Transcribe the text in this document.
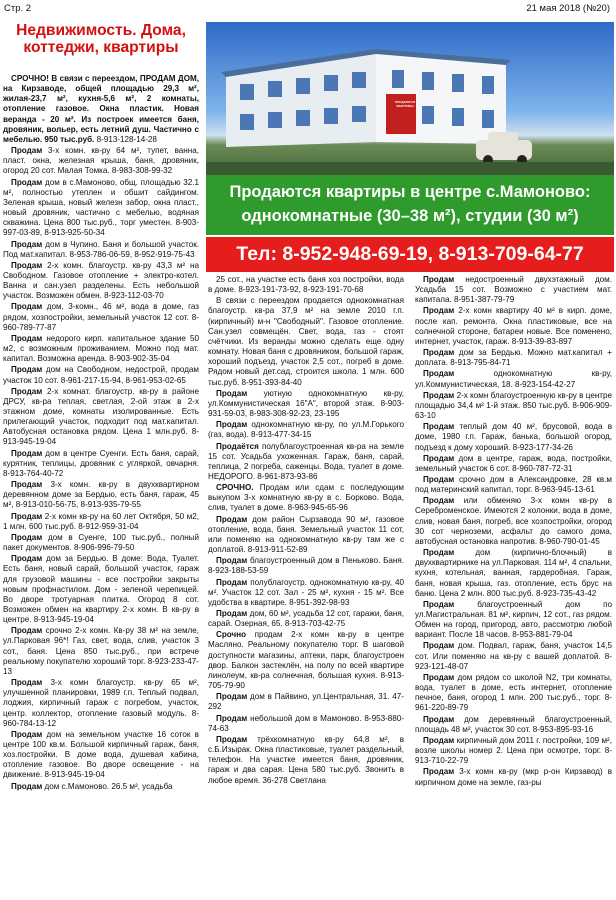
Стр. 2	21 мая 2018 (№20)
Недвижимость. Дома, коттеджи, квартиры
ПРОДАЮТСЯ КВАРТИРЫ
Продаются квартиры в центре с.Мамоново:
однокомнатные (30–38 м²), студии (30 м²)
Тел: 8-952-948-69-19, 8-913-709-64-77

СРОЧНО! В связи с переездом, ПРОДАМ ДОМ, на Кирзаводе, общей площадью 29,3 м², жилая-23,7 м², кухня-5,6 м², 2 комнаты, отопление газовое. Окна пластик. Новая веранда - 20 м². Из построек имеется баня, дровяник, вольер, есть летний душ. Частично с мебелью. 950 тыс.руб. 8-913-128-14-28

Продам 3-х комн. кв-ру 64 м², тупет, ванна, пласт. окна, железная крыша, баня, дровяник, огород 20 сот. Малая Томка. 8-983-308-99-32

Продам дом в с.Мамоново, общ. площадью 32.1 м², полностью утеплен и обшит сайдингом. Зеленая крыша, новый железн забор, окна пласт., новый дровяник, частично с мебелью, водяная скважина. Цена 800 тыс.руб., торг уместен. 8-903-997-03-89, 8-913-925-50-34

Продам дом в Чупино. Баня и большой участок. Под мат.капитал. 8-953-786-06-59, 8-952-919-75-43

Продам 2-х комн. благоустр. кв-ру 43,3 м² на Свободном. Газовое отопление + электро-котел. Ванна и сан.узел разделены. Есть небольшой участок. Возможен обмен. 8-923-112-03-70

Продам дом, 3-комн., 46 м², вода в доме, газ рядом, хозпостройки, земельный участок 12 сот. 8-960-789-77-87

Продам недорого кирп. капитальное здание 50 м2, с возможным проживанием. Можно под мат. капитал. Возможна аренда. 8-903-902-35-04

Продам дом на Свободном, недострой, продам участок 10 сот. 8-961-217-15-94, 8-961-953-02-65

Продам 2-х комнат. благоустр. кв-ру в районе ДРСУ, кв-ра теплая, светлая, 2-ой этаж в 2-х этажном доме, комнаты изолированные. Есть прилегающий участок, подходит под мат.капитал. Автобусная остановка рядом. Цена 1 млн.руб. 8-913-945-19-04

Продам дом в центре Суенги. Есть баня, сарай, курятник, теплицы, дровяник с угляркой, овчарня. 8-913-764-40-72

Продам 3-х комн. кв-ру в двухквартирном деревянном доме за Бердью, есть баня, гараж, 45 м², 8-913-010-56-75, 8-913-935-79-55

Продам 2-х комн кв-ру на 60 лет Октября, 50 м2, 1 млн. 600 тыс.руб. 8-912-959-31-04

Продам дом в Суенге, 100 тыс.руб., полный пакет документов. 8-906-996-79-50

Продам дом за Бердью. В доме: Вода, Туалет. Есть баня, новый сарай, большой участок, гараж для грузовой машины - все постройки закрыты новым профнастилом. Дом - зеленой черепицей. Во дворе тротуарная плитка. Огород 8 сот. Возможен обмен на квартиру 2-х комн. В кв-ру в центре. 8-913-945-19-04

Продам срочно 2-х комн. Кв-ру 38 м² на земле, ул.Парковая 96*! Газ, свет, вода, слив, участок 3 сот., баня. Цена 850 тыс.руб., при встрече реальному покупателю хороший торг. 8-923-233-47-13

Продам 3-х комн благоустр. кв-ру 65 м², улучшенной планировки, 1989 г.п. Теплый подвал, лоджия, кирпичный гараж с погребом, участок, центр. коллектор, отопление газовый модуль. 8-960-784-13-12

Продам дом на земельном участке 16 соток в центре 100 кв.м. Большой кирпичный гараж, баня, хоз.постройки. В доме вода, душевая кабина, отопление газовое. Во дворе освещение - на движение. 8-913-945-19-04

Продам дом с.Мамоново. 26.5 м², усадьба

25 сот., на участке есть баня хоз постройки, вода в доме. 8-923-191-73-92, 8-923-191-70-68

В связи с переездом продается однокомнатная благоустр. кв-ра 37,9 м² на земле 2010 г.п. (кирпичный) м-н "Свободный". Газовое отопление. Сан.узел совмещён. Свет, вода, газ - стоят счётчики. Из веранды можно сделать еще одну комнату. Новая баня с дровяником, большой гараж, хороший подъезд, участок 2,5 сот., погреб в доме. Рядом новый дет.сад, строится школа. 1 млн. 600 тыс.руб. 8-951-393-84-40

Продам уютную однокомнатную кв-ру, ул.Коммунистическая 16"А", второй этаж. 8-903-931-59-03, 8-983-308-92-23, 23-195

Продам однокомнатную кв-ру, по ул.М.Горького (газ, вода). 8-913-477-34-15

Продаётся полублагоустроенная кв-ра на земле 15 сот. Усадьба ухоженная. Гараж, баня, сарай, теплица, 2 погреба, саженцы. Вода, туалет в доме. НЕДОРОГО. 8-961-873-93-86

СРОЧНО. Продам или сдам с последующим выкупом 3-х комнатную кв-ру в с. Борково. Вода, слив, туалет в доме. 8-963-945-65-96

Продам дом район Сырзавода 90 м², газовое отопление, вода, баня. Земельный участок 11 сот, или поменяю на однокомнатную кв-ру там же с доплатой. 8-913-911-52-89

Продам благоустроенный дом в Пеньково. Баня. 8-923-188-53-59

Продам полублагоустр. однокомнатную кв-ру, 40 м². Участок 12 сот. Зал - 25 м², кухня - 15 м². Все удобства в квартире. 8-951-392-98-93

Продам дом, 60 м², усадьба 12 сот, гаражи, баня, сарай. Озерная, 65. 8-913-703-42-75

Срочно продам 2-х комн кв-ру в центре Масляно. Реальному покупателю торг. В шаговой доступности магазины, аптеки, парк, благоустроен двор. Балкон застеклён, на полу по всей квартире линолеум, кв-ра солнечная, большая кухня. 8-913-705-79-90

Продам дом в Пайвино, ул.Центральная, 31. 47-292

Продам небольшой дом в Мамоново. 8-953-880-74-63

Продам трёхкомнатную кв-ру 64,8 м², в с.Б.Изырак. Окна пластиковые, туалет раздельный, телефон. На участке имеется баня, дровяник, гараж и два сарая. Цена 580 тыс.руб. Звонить в любое время. 36-278 Светлана

Продам недостроенный двухэтажный дом. Усадьба 15 сот. Возможно с участием мат. капитала. 8-951-387-79-79

Продам 2-х комн квартиру 40 м² в кирп. доме, после кап. ремонта. Окна пластиковые, все на солнечной стороне, батареи новые. Все поменено, интернет, участок, гараж. 8-913-39-83-897

Продам дом за Бердью. Можно мат.капитал + доплата. 8-913-795-84-71

Продам	однокомнатную кв-ру, ул.Коммунистическая, 18. 8-923-154-42-27

Продам 2-х комн благоустроенную кв-ру в центре площадью 34,4 м² 1-й этаж. 850 тыс.руб. 8-906-909-63-10

Продам теплый дом 40 м², брусовой, вода в доме, 1980 г.п. Гараж, банька, большой огород, подъезд к дому хороший. 8-923-177-34-26

Продам дом в центре, гараж, вода, постройки, земельный участок 6 сот. 8-960-787-72-31

Продам срочно дом в Александровке, 28 кв.м под материнский капитал, торг. 8-963-945-13-61

Продам или обменяю 3-х комн кв-ру в Сереброменское. Имеются 2 колонки, вода в доме, слив, новая баня, погреб, все хозпостройки, огород 30 сот черноземи, асфальт до самого дома, автобусная остановка напротив. 8-960-790-01-45

Продам	дом (кирпично-блочный) в двухквартирнике на ул.Парковая. 114 м², 4 спальни, кухня, котельная, ванная, гардеробная. Гараж, баня, новая крыша, газ. отопление, есть брус на баню. Цена 2 млн. 800 тыс.руб. 8-923-735-43-42

Продам	благоустроенный дом по ул.Магистральная. 81 м², кирпич, 12 сот., газ рядом. Обмен на город, пригород, авто, рассмотрю любой вариант. После 18 часов. 8-953-881-79-04

Продам дом. Подвал, гараж, баня, участок 14,5 сот. Или поменяю на кв-ру с вашей доплатой. 8-923-121-48-07

Продам дом рядом со школой N2, три комнаты, вода, туалет в доме, есть интернет, отопление печное, баня, огород 1 млн. 200 тыс.руб., торг. 8-961-220-89-79

Продам дом деревянный благоустроенный, площадь 48 м², участок 30 сот. 8-953-895-93-16

Продам кирпичный дом 2011 г. постройки, 109 м², возле школы номер 2. Цена при осмотре, торг. 8-913-710-22-79

Продам 3-х комн кв-ру (мкр р-он Кирзавод) в кирпичном доме на земле, газ-ры
